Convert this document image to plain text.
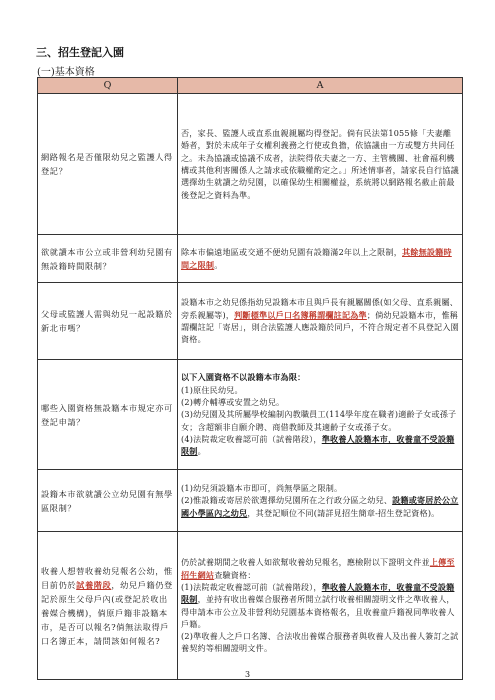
三、招生登記入園
(一)基本資格
Q	A
網路報名是否僅限幼兒之監護人得登記？	否，家長、監護人或直系血親親屬均得登記。倘有民法第1055條「夫妻離婚者，對於未成年子女權利義務之行使或負擔，依協議由一方或雙方共同任之。未為協議或協議不成者，法院得依夫妻之一方、主管機關、社會福利機構或其他利害關係人之請求或依職權酌定之。」所述情事者，請家長自行協議選擇幼生就讀之幼兒園，以確保幼生相關權益，系統將以網路報名截止前最後登記之資料為準。
欲就讀本市公立或非營利幼兒園有無設籍時間限制？	除本市偏遠地區或交通不便幼兒園有設籍滿2年以上之限制，其餘無設籍時間之限制。
父母或監護人需與幼兒一起設籍於新北市嗎？	設籍本市之幼兒係指幼兒設籍本市且與戶長有親屬關係(如父母、直系親屬、旁系親屬等)，判斷標準以戶口名簿稱謂欄註記為準；倘幼兒設籍本市，惟稱謂欄註記「寄居」，則合法監護人應設籍於同戶，不符合規定者不具登記入園資格。
哪些入園資格無設籍本市規定亦可登記申請？	以下入園資格不以設籍本市為限：
(1)原住民幼兒。
(2)轉介輔導或安置之幼兒。
(3)幼兒園及其所屬學校編制內教職員工(114學年度在職者)適齡子女或孫子女；含超額非自願介聘、商借教師及其適齡子女或孫子女。
(4)法院裁定收養認可前（試養階段），準收養人設籍本市，收養童不受設籍限制。

設籍本市欲就讀公立幼兒園有無學區限制？	(1)幼兒須設籍本市即可，尚無學區之限制。
(2)惟設籍或寄居於欲選擇幼兒園所在之行政分區之幼兒、設籍或寄居於公立國小學區內之幼兒，其登記順位不同(請詳見招生簡章-招生登記資格)。

收養人想替收養幼兒報名公幼，惟目前仍於試養階段，幼兒戶籍仍登記於原生父母戶內(或登記於收出養媒合機構)，倘原戶籍非設籍本市，是否可以報名?倘無法取得戶口名簿正本，請問該如何報名?	仍於試養期間之收養人如欲幫收養幼兒報名，應檢附以下證明文件並上傳至招生網站查驗資格：
(1)法院裁定收養認可前（試養階段），準收養人設籍本市，收養童不受設籍限制，並持有收出養媒合服務者所開立試行收養相關證明文件之準收養人，得申請本市公立及非營利幼兒園基本資格報名，且收養童戶籍視同準收養人戶籍。
(2)準收養人之戶口名簿、合法收出養媒合服務者與收養人及出養人簽訂之試養契約等相關證明文件。
3
